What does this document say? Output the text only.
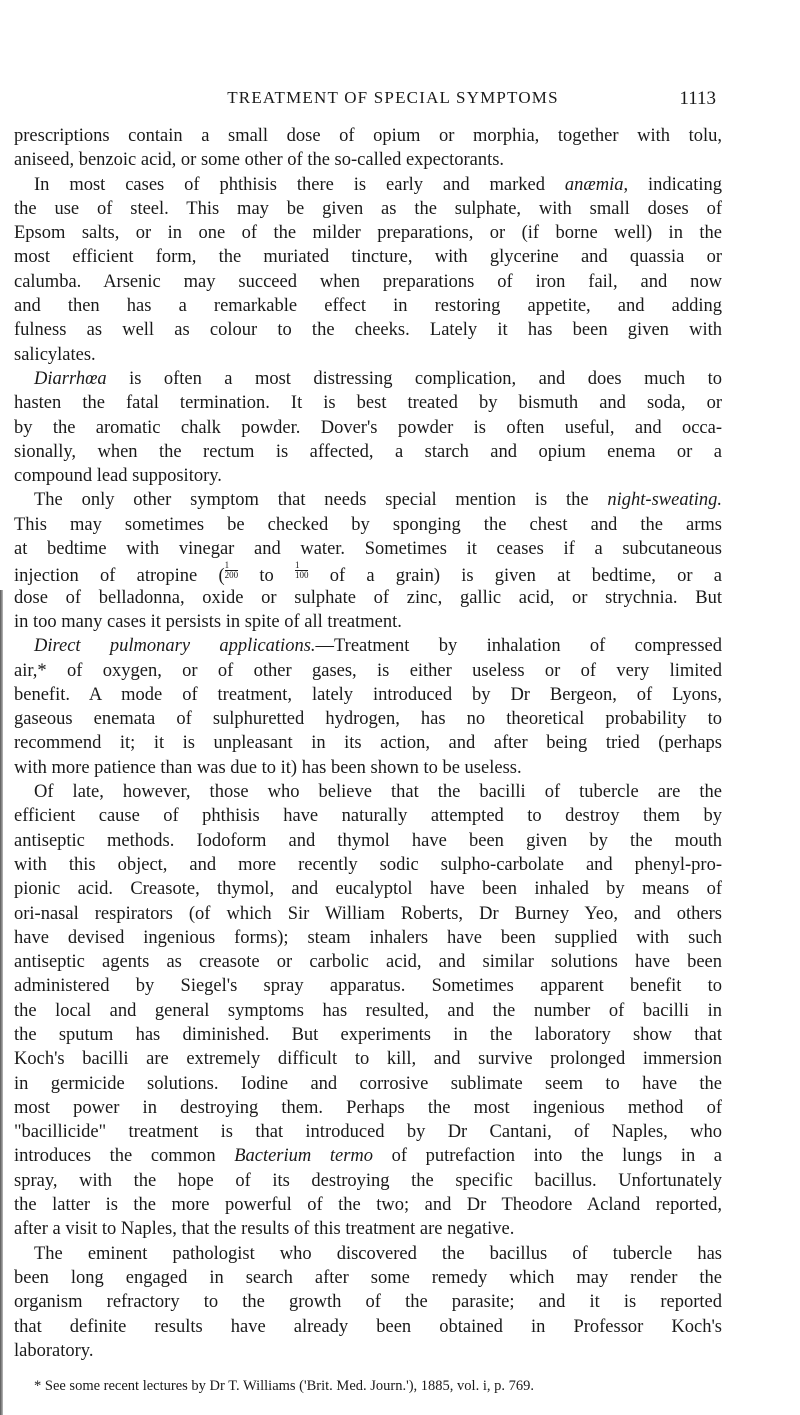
TREATMENT OF SPECIAL SYMPTOMS	1113
prescriptions contain a small dose of opium or morphia, together with tolu,
aniseed, benzoic acid, or some other of the so-called expectorants.
In most cases of phthisis there is early and marked anæmia, indicating
the use of steel. This may be given as the sulphate, with small doses of
Epsom salts, or in one of the milder preparations, or (if borne well) in the
most efficient form, the muriated tincture, with glycerine and quassia or
calumba. Arsenic may succeed when preparations of iron fail, and now
and then has a remarkable effect in restoring appetite, and adding
fulness as well as colour to the cheeks. Lately it has been given with
salicylates.
Diarrhœa is often a most distressing complication, and does much to
hasten the fatal termination. It is best treated by bismuth and soda, or
by the aromatic chalk powder. Dover's powder is often useful, and occa-
sionally, when the rectum is affected, a starch and opium enema or a
compound lead suppository.
The only other symptom that needs special mention is the night-sweating.
This may sometimes be checked by sponging the chest and the arms
at bedtime with vinegar and water. Sometimes it ceases if a subcutaneous
injection of atropine ( $\frac{1}{200}$ to $\frac{1}{100}$ of a grain) is given at bedtime, or a
dose of belladonna, oxide or sulphate of zinc, gallic acid, or strychnia. But
in too many cases it persists in spite of all treatment.
Direct pulmonary applications.—Treatment by inhalation of compressed
air,* of oxygen, or of other gases, is either useless or of very limited
benefit. A mode of treatment, lately introduced by Dr Bergeon, of Lyons,
gaseous enemata of sulphuretted hydrogen, has no theoretical probability to
recommend it; it is unpleasant in its action, and after being tried (perhaps
with more patience than was due to it) has been shown to be useless.
Of late, however, those who believe that the bacilli of tubercle are the
efficient cause of phthisis have naturally attempted to destroy them by
antiseptic methods. Iodoform and thymol have been given by the mouth
with this object, and more recently sodic sulpho-carbolate and phenyl-pro-
pionic acid. Creasote, thymol, and eucalyptol have been inhaled by means of
ori-nasal respirators (of which Sir William Roberts, Dr Burney Yeo, and others
have devised ingenious forms); steam inhalers have been supplied with such
antiseptic agents as creasote or carbolic acid, and similar solutions have been
administered by Siegel's spray apparatus. Sometimes apparent benefit to
the local and general symptoms has resulted, and the number of bacilli in
the sputum has diminished. But experiments in the laboratory show that
Koch's bacilli are extremely difficult to kill, and survive prolonged immersion
in germicide solutions. Iodine and corrosive sublimate seem to have the
most power in destroying them. Perhaps the most ingenious method of
"bacillicide" treatment is that introduced by Dr Cantani, of Naples, who
introduces the common Bacterium termo of putrefaction into the lungs in a
spray, with the hope of its destroying the specific bacillus. Unfortunately
the latter is the more powerful of the two; and Dr Theodore Acland reported,
after a visit to Naples, that the results of this treatment are negative.
The eminent pathologist who discovered the bacillus of tubercle has
been long engaged in search after some remedy which may render the
organism refractory to the growth of the parasite; and it is reported
that definite results have already been obtained in Professor Koch's
laboratory.
* See some recent lectures by Dr T. Williams ('Brit. Med. Journ.'), 1885, vol. i, p. 769.
